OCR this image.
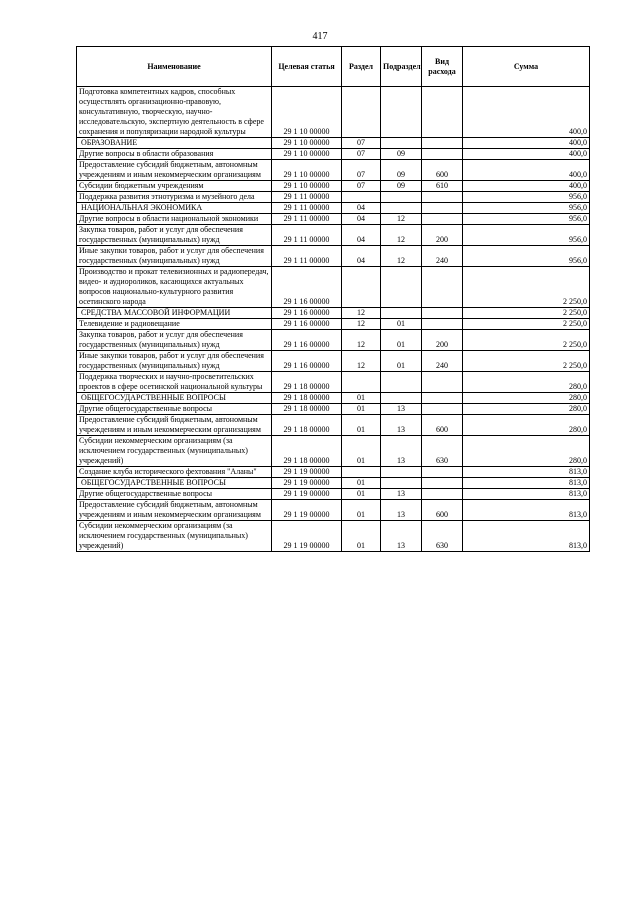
417
Наименование	Целевая статья	Раздел	Подраздел	Вид расхода	Сумма
Подготовка компетентных кадров, способных осуществлять организационно-правовую, консультативную, творческую, научно-исследовательскую, экспертную деятельность в сфере сохранения и популяризации народной культуры	29 1 10 00000				400,0
ОБРАЗОВАНИЕ	29 1 10 00000	07			400,0
Другие вопросы в области образования	29 1 10 00000	07	09		400,0
Предоставление субсидий бюджетным, автономным учреждениям и иным некоммерческим организациям	29 1 10 00000	07	09	600	400,0
Субсидии бюджетным учреждениям	29 1 10 00000	07	09	610	400,0
Поддержка развития этнотуризма и музейного дела	29 1 11 00000				956,0
НАЦИОНАЛЬНАЯ ЭКОНОМИКА	29 1 11 00000	04			956,0
Другие вопросы в области национальной экономики	29 1 11 00000	04	12		956,0
Закупка товаров, работ и услуг для обеспечения государственных (муниципальных) нужд	29 1 11 00000	04	12	200	956,0
Иные закупки товаров, работ и услуг для обеспечения государственных (муниципальных) нужд	29 1 11 00000	04	12	240	956,0
Производство и прокат телевизионных и радиопередач, видео- и аудиороликов, касающихся актуальных вопросов национально-культурного развития осетинского народа	29 1 16 00000				2 250,0
СРЕДСТВА МАССОВОЙ ИНФОРМАЦИИ	29 1 16 00000	12			2 250,0
Телевидение и радиовещание	29 1 16 00000	12	01		2 250,0
Закупка товаров, работ и услуг для обеспечения государственных (муниципальных) нужд	29 1 16 00000	12	01	200	2 250,0
Иные закупки товаров, работ и услуг для обеспечения государственных (муниципальных) нужд	29 1 16 00000	12	01	240	2 250,0
Поддержка творческих и научно-просветительских проектов в сфере осетинской национальной культуры	29 1 18 00000				280,0
ОБЩЕГОСУДАРСТВЕННЫЕ ВОПРОСЫ	29 1 18 00000	01			280,0
Другие общегосударственные вопросы	29 1 18 00000	01	13		280,0
Предоставление субсидий бюджетным, автономным учреждениям и иным некоммерческим организациям	29 1 18 00000	01	13	600	280,0
Субсидии некоммерческим организациям (за исключением государственных (муниципальных) учреждений)	29 1 18 00000	01	13	630	280,0
Создание клуба исторического фехтования "Аланы"	29 1 19 00000				813,0
ОБЩЕГОСУДАРСТВЕННЫЕ ВОПРОСЫ	29 1 19 00000	01			813,0
Другие общегосударственные вопросы	29 1 19 00000	01	13		813,0
Предоставление субсидий бюджетным, автономным учреждениям и иным некоммерческим организациям	29 1 19 00000	01	13	600	813,0
Субсидии некоммерческим организациям (за исключением государственных (муниципальных) учреждений)	29 1 19 00000	01	13	630	813,0
